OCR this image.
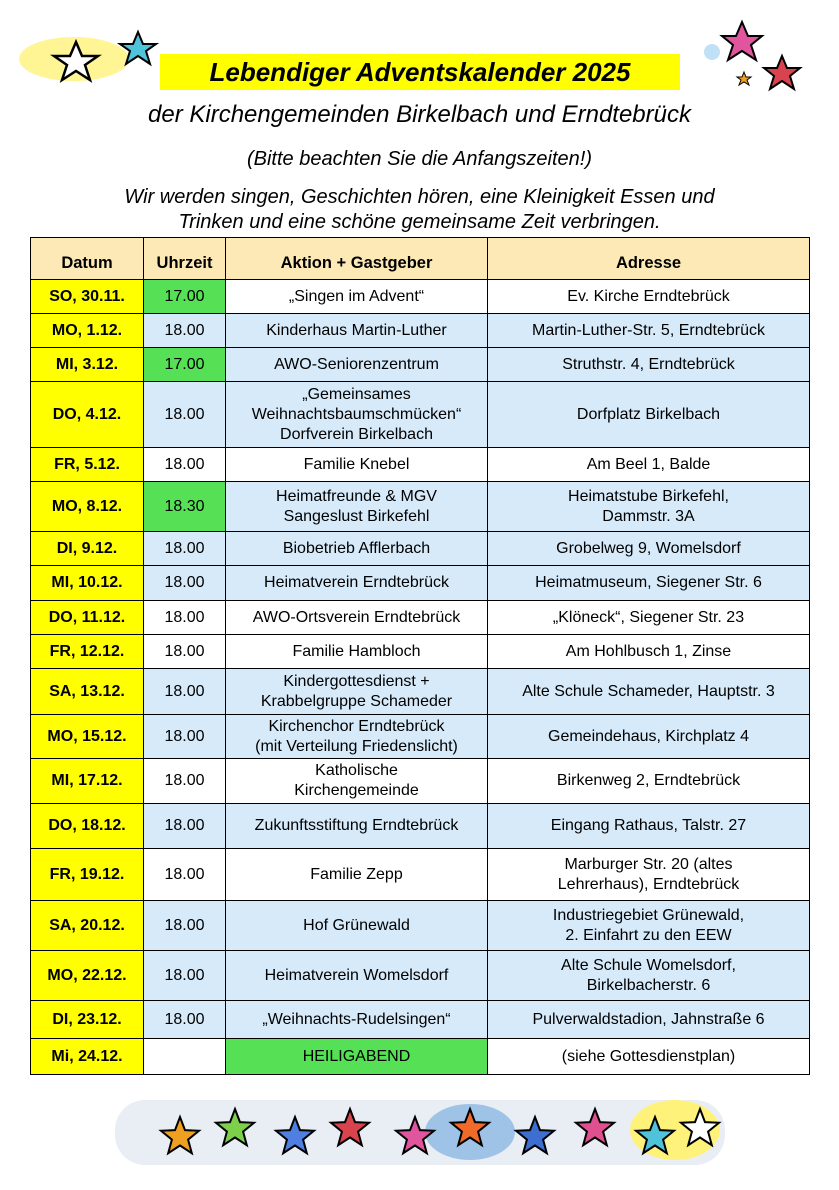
Lebendiger Adventskalender 2025
der Kirchengemeinden Birkelbach und Erndtebrück
(Bitte beachten Sie die Anfangszeiten!)
Wir werden singen, Geschichten hören, eine Kleinigkeit Essen und
Trinken und eine schöne gemeinsame Zeit verbringen.
Datum	Uhrzeit	Aktion + Gastgeber	Adresse
SO, 30.11.	17.00	„Singen im Advent“	Ev. Kirche Erndtebrück
MO, 1.12.	18.00	Kinderhaus Martin-Luther	Martin-Luther-Str. 5, Erndtebrück
MI, 3.12.	17.00	AWO-Seniorenzentrum	Struthstr. 4, Erndtebrück
DO, 4.12.	18.00	„Gemeinsames
Weihnachtsbaumschmücken“
Dorfverein Birkelbach	Dorfplatz Birkelbach
FR, 5.12.	18.00	Familie Knebel	Am Beel 1, Balde
MO, 8.12.	18.30	Heimatfreunde & MGV
Sangeslust Birkefehl	Heimatstube Birkefehl,
Dammstr. 3A
DI, 9.12.	18.00	Biobetrieb Afflerbach	Grobelweg 9, Womelsdorf
MI, 10.12.	18.00	Heimatverein Erndtebrück	Heimatmuseum, Siegener Str. 6
DO, 11.12.	18.00	AWO-Ortsverein Erndtebrück	„Klöneck“, Siegener Str. 23
FR, 12.12.	18.00	Familie Hambloch	Am Hohlbusch 1, Zinse
SA, 13.12.	18.00	Kindergottesdienst +
Krabbelgruppe Schameder	Alte Schule Schameder, Hauptstr. 3
MO, 15.12.	18.00	Kirchenchor Erndtebrück
(mit Verteilung Friedenslicht)	Gemeindehaus, Kirchplatz 4
MI, 17.12.	18.00	Katholische
Kirchengemeinde	Birkenweg 2, Erndtebrück
DO, 18.12.	18.00	Zukunftsstiftung Erndtebrück	Eingang Rathaus, Talstr. 27
FR, 19.12.	18.00	Familie Zepp	Marburger Str. 20 (altes
Lehrerhaus), Erndtebrück
SA, 20.12.	18.00	Hof Grünewald	Industriegebiet Grünewald,
2. Einfahrt zu den EEW
MO, 22.12.	18.00	Heimatverein Womelsdorf	Alte Schule Womelsdorf,
Birkelbacherstr. 6
DI, 23.12.	18.00	„Weihnachts-Rudelsingen“	Pulverwaldstadion, Jahnstraße 6
Mi, 24.12.		HEILIGABEND	(siehe Gottesdienstplan)
